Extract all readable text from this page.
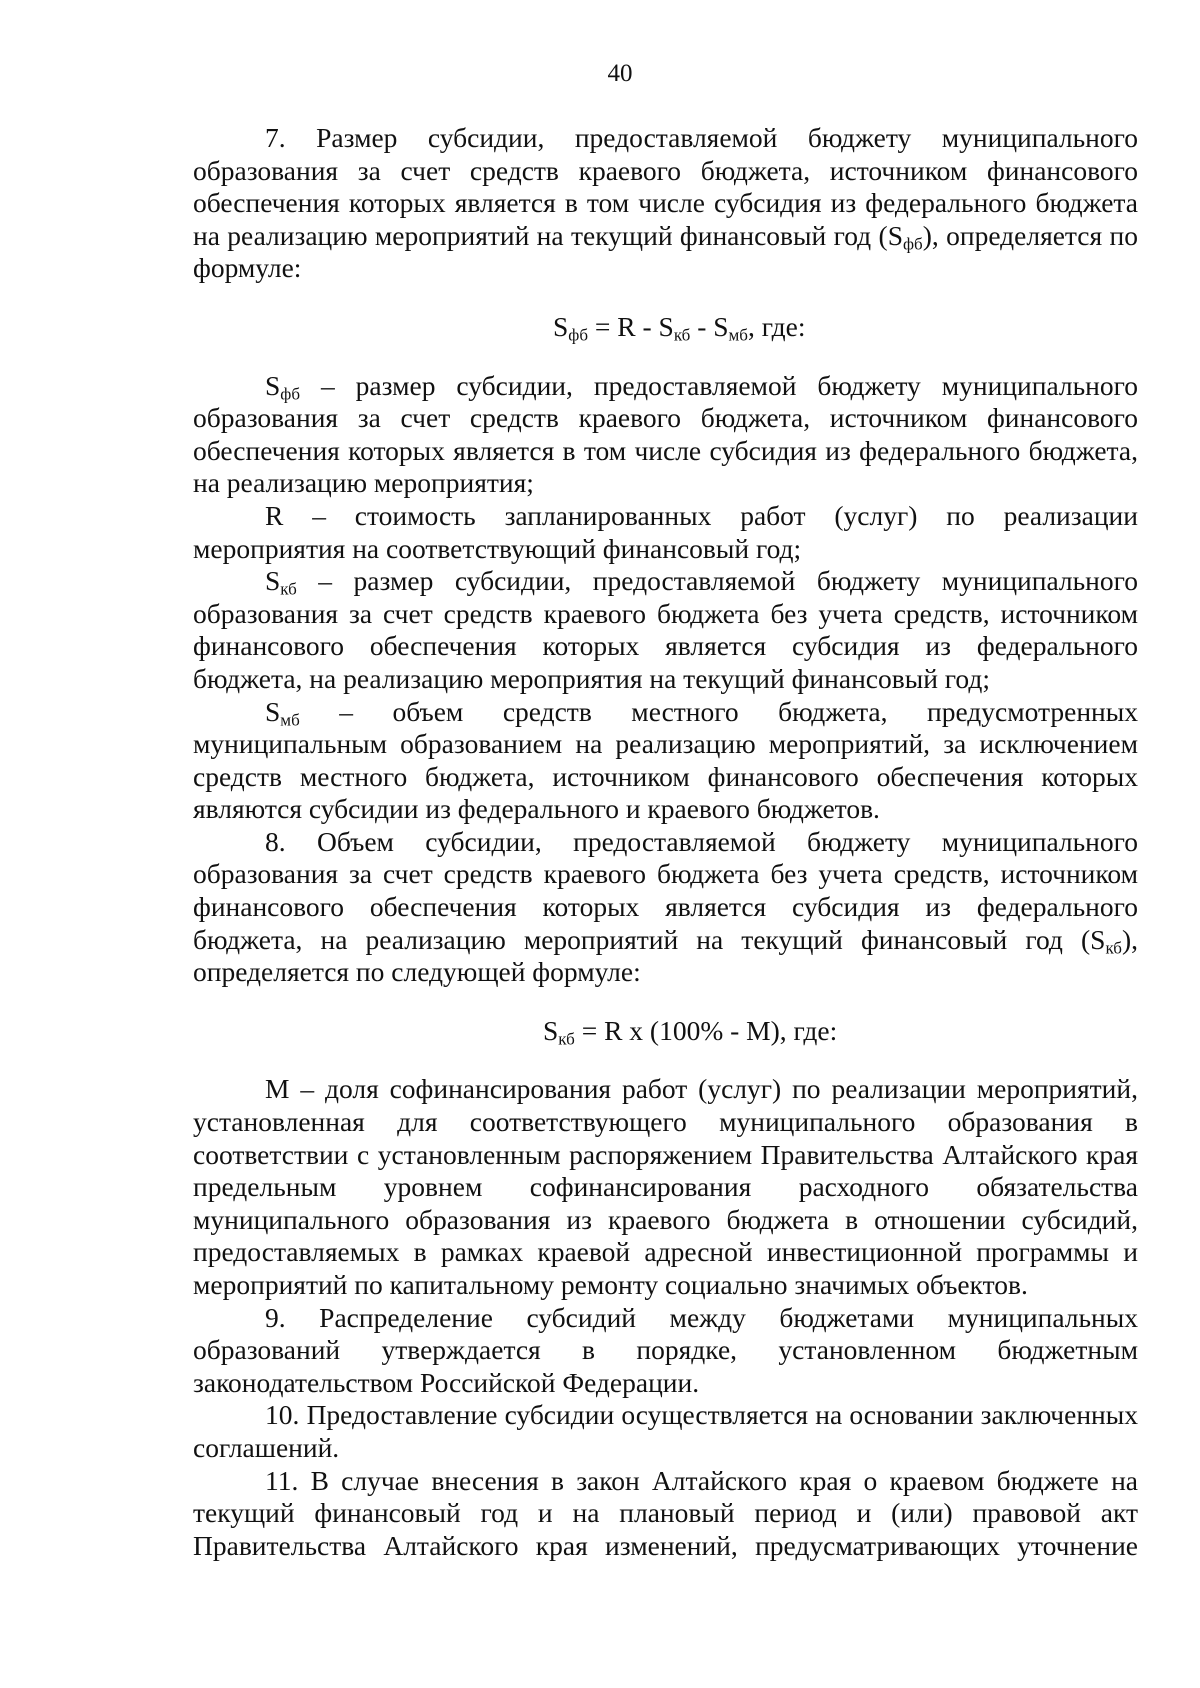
40

7. Размер субсидии, предоставляемой бюджету муниципального образования за счет средств краевого бюджета, источником финансового обеспечения которых является в том числе субсидия из федерального бюджета на реализацию мероприятий на текущий финансовый год $(S_{фб})$, определяется по формуле:

$S_{фб} = R - S_{кб} - S_{мб}$, где:

$S_{фб}$ – размер субсидии, предоставляемой бюджету муниципального образования за счет средств краевого бюджета, источником финансового обеспечения которых является в том числе субсидия из федерального бюджета, на реализацию мероприятия;

R – стоимость запланированных работ (услуг) по реализации мероприятия на соответствующий финансовый год;

$S_{кб}$ – размер субсидии, предоставляемой бюджету муниципального образования за счет средств краевого бюджета без учета средств, источником финансового обеспечения которых является субсидия из федерального бюджета, на реализацию мероприятия на текущий финансовый год;

$S_{мб}$ – объем средств местного бюджета, предусмотренных муниципальным образованием на реализацию мероприятий, за исключением средств местного бюджета, источником финансового обеспечения которых являются субсидии из федерального и краевого бюджетов.

8. Объем субсидии, предоставляемой бюджету муниципального образования за счет средств краевого бюджета без учета средств, источником финансового обеспечения которых является субсидия из федерального бюджета, на реализацию мероприятий на текущий финансовый год $(S_{кб})$, определяется по следующей формуле:

$S_{кб} = R$ х (100% - M), где:

M – доля софинансирования работ (услуг) по реализации мероприятий, установленная для соответствующего муниципального образования в соответствии с установленным распоряжением Правительства Алтайского края предельным уровнем софинансирования расходного обязательства муниципального образования из краевого бюджета в отношении субсидий, предоставляемых в рамках краевой адресной инвестиционной программы и мероприятий по капитальному ремонту социально значимых объектов.

9. Распределение субсидий между бюджетами муниципальных образований утверждается в порядке, установленном бюджетным законодательством Российской Федерации.

10. Предоставление субсидии осуществляется на основании заключенных соглашений.

11. В случае внесения в закон Алтайского края о краевом бюджете на текущий финансовый год и на плановый период и (или) правовой акт Правительства Алтайского края изменений, предусматривающих уточнение
